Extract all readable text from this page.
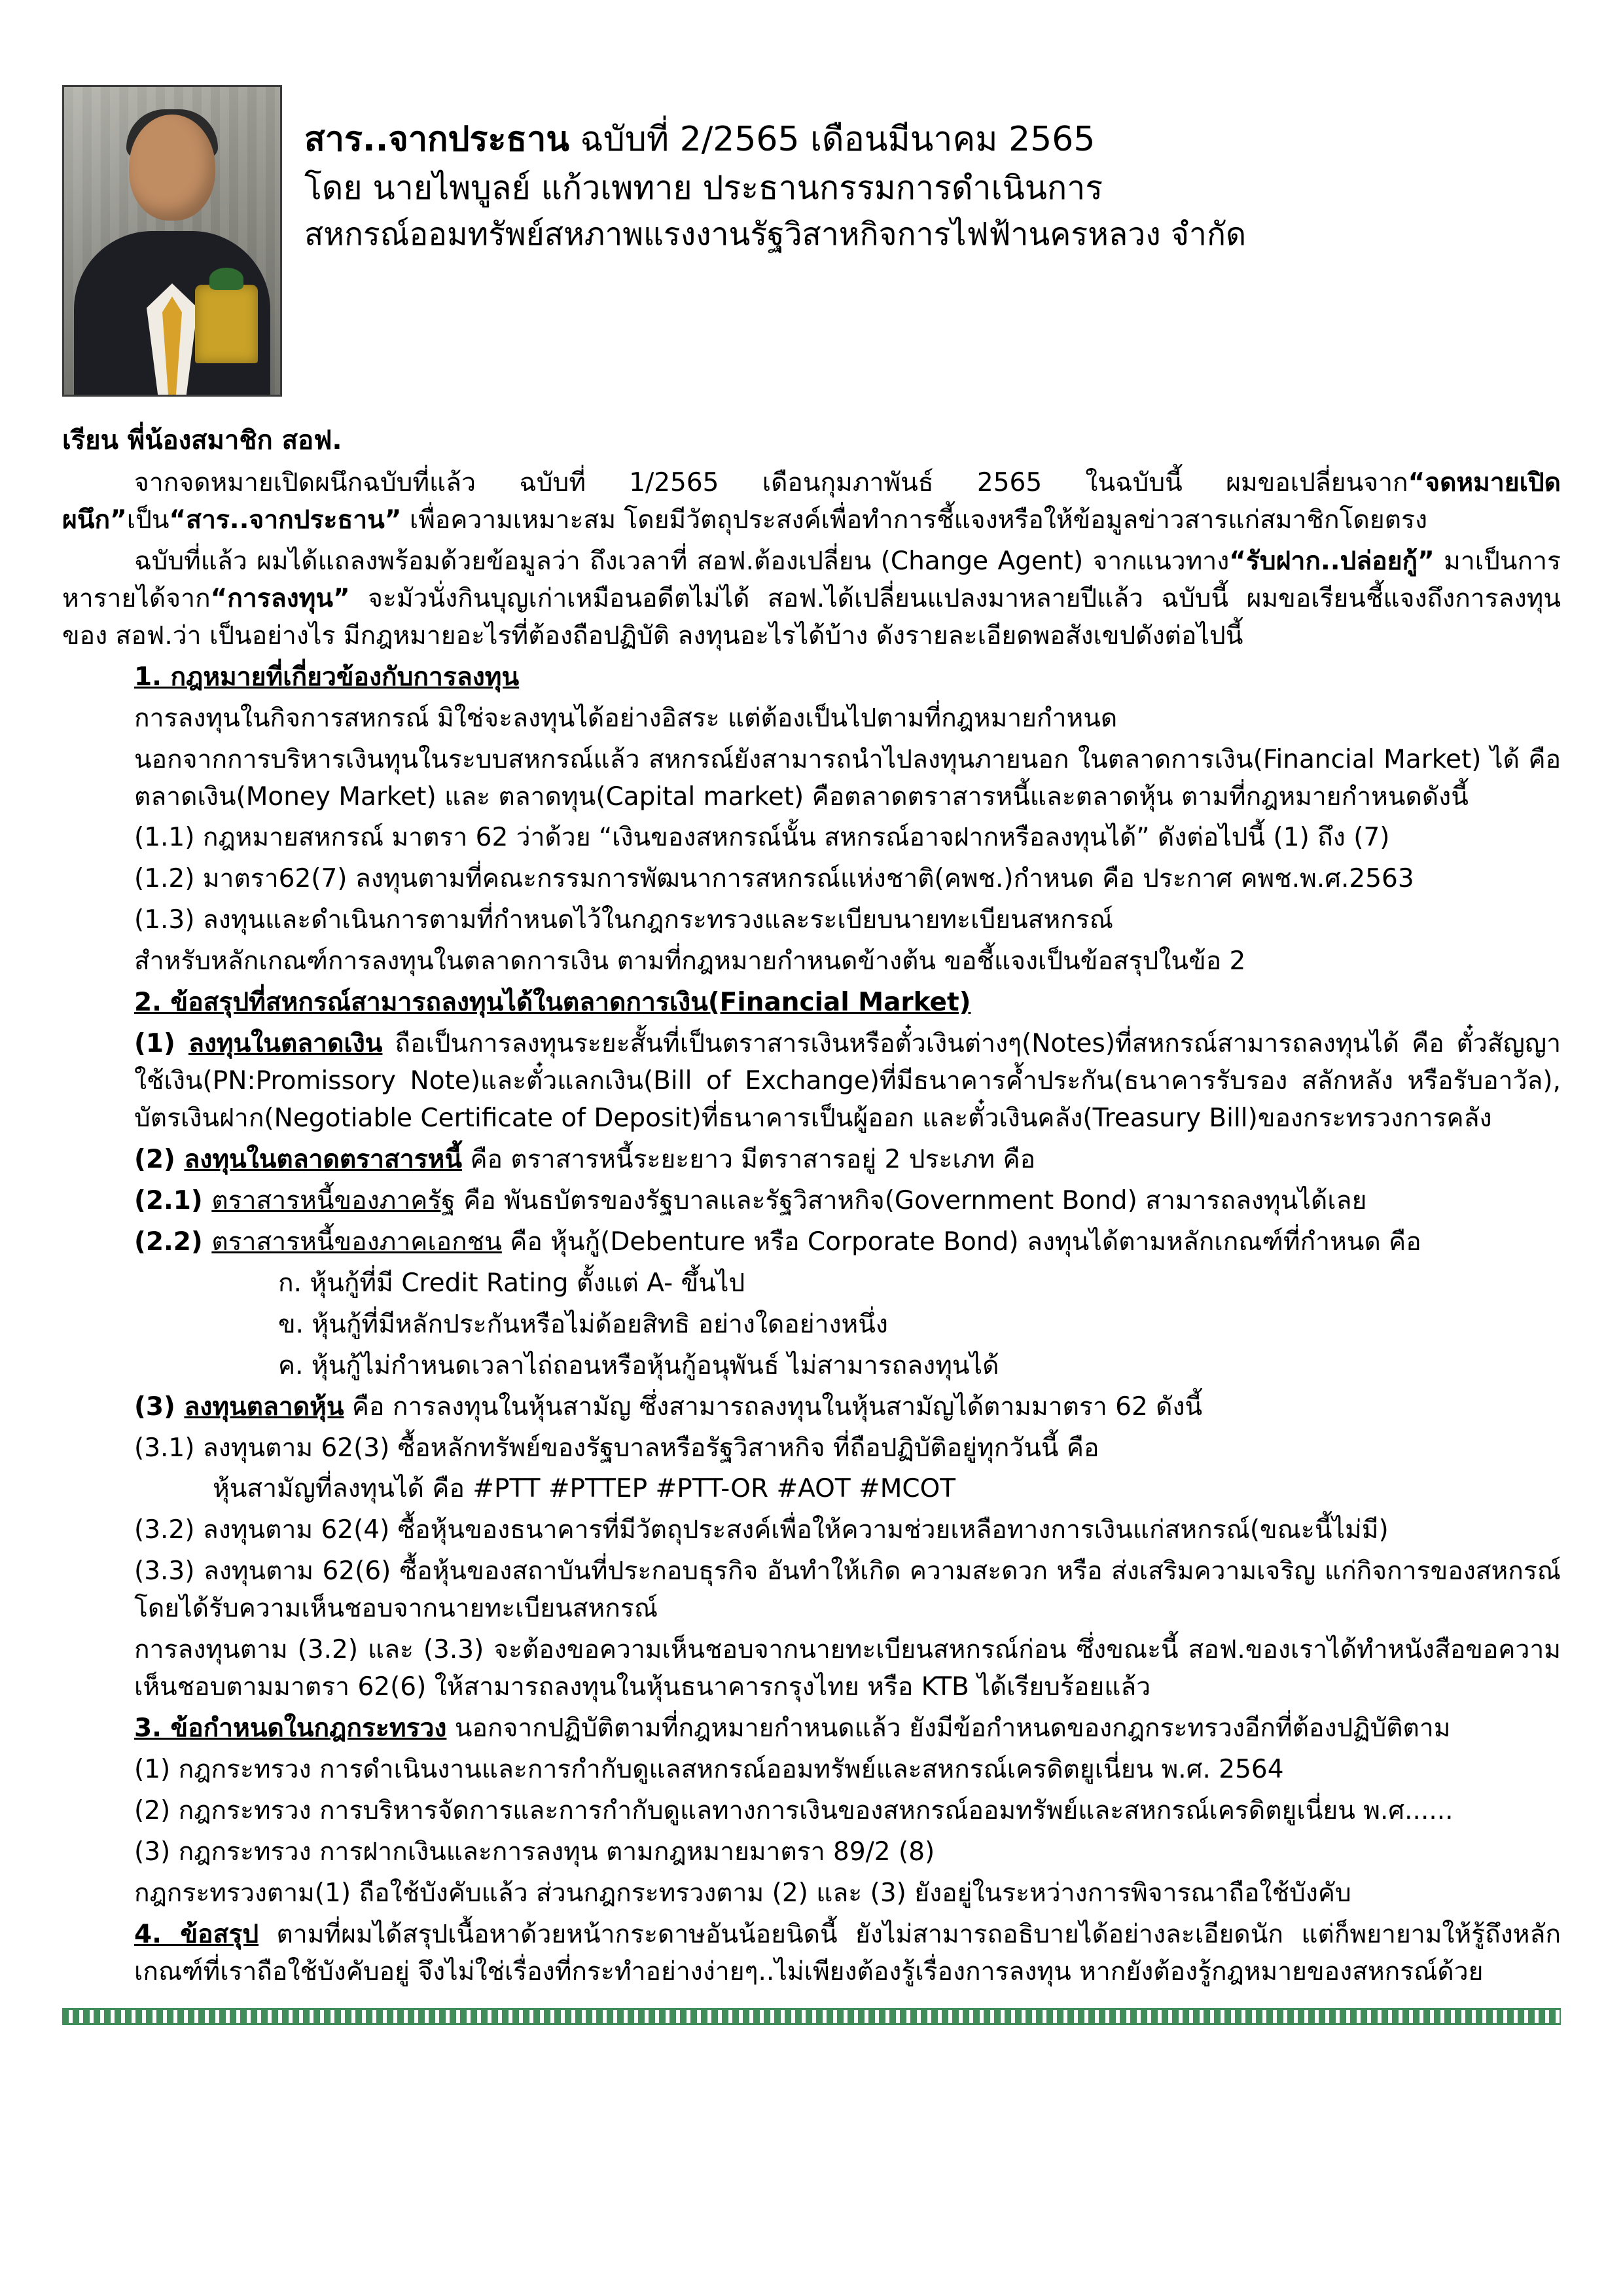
สาร..จากประธาน ฉบับที่ 2/2565 เดือนมีนาคม 2565
โดย นายไพบูลย์ แก้วเพทาย ประธานกรรมการดำเนินการ
สหกรณ์ออมทรัพย์สหภาพแรงงานรัฐวิสาหกิจการไฟฟ้านครหลวง จำกัด
เรียน พี่น้องสมาชิก สอฟ.

จากจดหมายเปิดผนึกฉบับที่แล้ว ฉบับที่ 1/2565 เดือนกุมภาพันธ์ 2565 ในฉบับนี้ ผมขอเปลี่ยนจาก“จดหมายเปิดผนึก”เป็น“สาร..จากประธาน” เพื่อความเหมาะสม โดยมีวัตถุประสงค์เพื่อทำการชี้แจงหรือให้ข้อมูลข่าวสารแก่สมาชิกโดยตรง

ฉบับที่แล้ว ผมได้แถลงพร้อมด้วยข้อมูลว่า ถึงเวลาที่ สอฟ.ต้องเปลี่ยน (Change Agent) จากแนวทาง“รับฝาก..ปล่อยกู้” มาเป็นการหารายได้จาก“การลงทุน” จะมัวนั่งกินบุญเก่าเหมือนอดีตไม่ได้ สอฟ.ได้เปลี่ยนแปลงมาหลายปีแล้ว ฉบับนี้ ผมขอเรียนชี้แจงถึงการลงทุนของ สอฟ.ว่า เป็นอย่างไร มีกฎหมายอะไรที่ต้องถือปฏิบัติ ลงทุนอะไรได้บ้าง ดังรายละเอียดพอสังเขปดังต่อไปนี้

1. กฎหมายที่เกี่ยวข้องกับการลงทุน

การลงทุนในกิจการสหกรณ์ มิใช่จะลงทุนได้อย่างอิสระ แต่ต้องเป็นไปตามที่กฎหมายกำหนด

นอกจากการบริหารเงินทุนในระบบสหกรณ์แล้ว สหกรณ์ยังสามารถนำไปลงทุนภายนอก ในตลาดการเงิน(Financial Market) ได้ คือ ตลาดเงิน(Money Market) และ ตลาดทุน(Capital market) คือตลาดตราสารหนี้และตลาดหุ้น ตามที่กฎหมายกำหนดดังนี้

(1.1) กฎหมายสหกรณ์ มาตรา 62 ว่าด้วย “เงินของสหกรณ์นั้น สหกรณ์อาจฝากหรือลงทุนได้” ดังต่อไปนี้ (1) ถึง (7)

(1.2) มาตรา62(7) ลงทุนตามที่คณะกรรมการพัฒนาการสหกรณ์แห่งชาติ(คพช.)กำหนด คือ ประกาศ คพช.พ.ศ.2563

(1.3) ลงทุนและดำเนินการตามที่กำหนดไว้ในกฎกระทรวงและระเบียบนายทะเบียนสหกรณ์

สำหรับหลักเกณฑ์การลงทุนในตลาดการเงิน ตามที่กฎหมายกำหนดข้างต้น ขอชี้แจงเป็นข้อสรุปในข้อ 2

2. ข้อสรุปที่สหกรณ์สามารถลงทุนได้ในตลาดการเงิน(Financial Market)

(1) ลงทุนในตลาดเงิน ถือเป็นการลงทุนระยะสั้นที่เป็นตราสารเงินหรือตั๋วเงินต่างๆ(Notes)ที่สหกรณ์สามารถลงทุนได้ คือ ตั๋วสัญญาใช้เงิน(PN:Promissory Note)และตั๋วแลกเงิน(Bill of Exchange)ที่มีธนาคารค้ำประกัน(ธนาคารรับรอง สลักหลัง หรือรับอาวัล), บัตรเงินฝาก(Negotiable Certificate of Deposit)ที่ธนาคารเป็นผู้ออก และตั๋วเงินคลัง(Treasury Bill)ของกระทรวงการคลัง

(2) ลงทุนในตลาดตราสารหนี้ คือ ตราสารหนี้ระยะยาว มีตราสารอยู่ 2 ประเภท คือ

(2.1) ตราสารหนี้ของภาครัฐ คือ พันธบัตรของรัฐบาลและรัฐวิสาหกิจ(Government Bond) สามารถลงทุนได้เลย

(2.2) ตราสารหนี้ของภาคเอกชน คือ หุ้นกู้(Debenture หรือ Corporate Bond) ลงทุนได้ตามหลักเกณฑ์ที่กำหนด คือ

ก. หุ้นกู้ที่มี Credit Rating ตั้งแต่ A- ขึ้นไป

ข. หุ้นกู้ที่มีหลักประกันหรือไม่ด้อยสิทธิ อย่างใดอย่างหนึ่ง

ค. หุ้นกู้ไม่กำหนดเวลาไถ่ถอนหรือหุ้นกู้อนุพันธ์ ไม่สามารถลงทุนได้

(3) ลงทุนตลาดหุ้น คือ การลงทุนในหุ้นสามัญ ซึ่งสามารถลงทุนในหุ้นสามัญได้ตามมาตรา 62 ดังนี้

(3.1) ลงทุนตาม 62(3) ซื้อหลักทรัพย์ของรัฐบาลหรือรัฐวิสาหกิจ ที่ถือปฏิบัติอยู่ทุกวันนี้ คือ

หุ้นสามัญที่ลงทุนได้ คือ #PTT #PTTEP #PTT-OR #AOT #MCOT

(3.2) ลงทุนตาม 62(4) ซื้อหุ้นของธนาคารที่มีวัตถุประสงค์เพื่อให้ความช่วยเหลือทางการเงินแก่สหกรณ์(ขณะนี้ไม่มี)

(3.3) ลงทุนตาม 62(6) ซื้อหุ้นของสถาบันที่ประกอบธุรกิจ อันทำให้เกิด ความสะดวก หรือ ส่งเสริมความเจริญ แก่กิจการของสหกรณ์ โดยได้รับความเห็นชอบจากนายทะเบียนสหกรณ์

การลงทุนตาม (3.2) และ (3.3) จะต้องขอความเห็นชอบจากนายทะเบียนสหกรณ์ก่อน ซึ่งขณะนี้ สอฟ.ของเราได้ทำหนังสือขอความเห็นชอบตามมาตรา 62(6) ให้สามารถลงทุนในหุ้นธนาคารกรุงไทย หรือ KTB ได้เรียบร้อยแล้ว

3. ข้อกำหนดในกฎกระทรวง นอกจากปฏิบัติตามที่กฎหมายกำหนดแล้ว ยังมีข้อกำหนดของกฎกระทรวงอีกที่ต้องปฏิบัติตาม

(1) กฎกระทรวง การดำเนินงานและการกำกับดูแลสหกรณ์ออมทรัพย์และสหกรณ์เครดิตยูเนี่ยน พ.ศ. 2564

(2) กฎกระทรวง การบริหารจัดการและการกำกับดูแลทางการเงินของสหกรณ์ออมทรัพย์และสหกรณ์เครดิตยูเนี่ยน พ.ศ......

(3) กฎกระทรวง การฝากเงินและการลงทุน ตามกฎหมายมาตรา 89/2 (8)

กฎกระทรวงตาม(1) ถือใช้บังคับแล้ว ส่วนกฎกระทรวงตาม (2) และ (3) ยังอยู่ในระหว่างการพิจารณาถือใช้บังคับ

4. ข้อสรุป ตามที่ผมได้สรุปเนื้อหาด้วยหน้ากระดาษอันน้อยนิดนี้ ยังไม่สามารถอธิบายได้อย่างละเอียดนัก แต่ก็พยายามให้รู้ถึงหลักเกณฑ์ที่เราถือใช้บังคับอยู่ จึงไม่ใช่เรื่องที่กระทำอย่างง่ายๆ..ไม่เพียงต้องรู้เรื่องการลงทุน หากยังต้องรู้กฎหมายของสหกรณ์ด้วย
